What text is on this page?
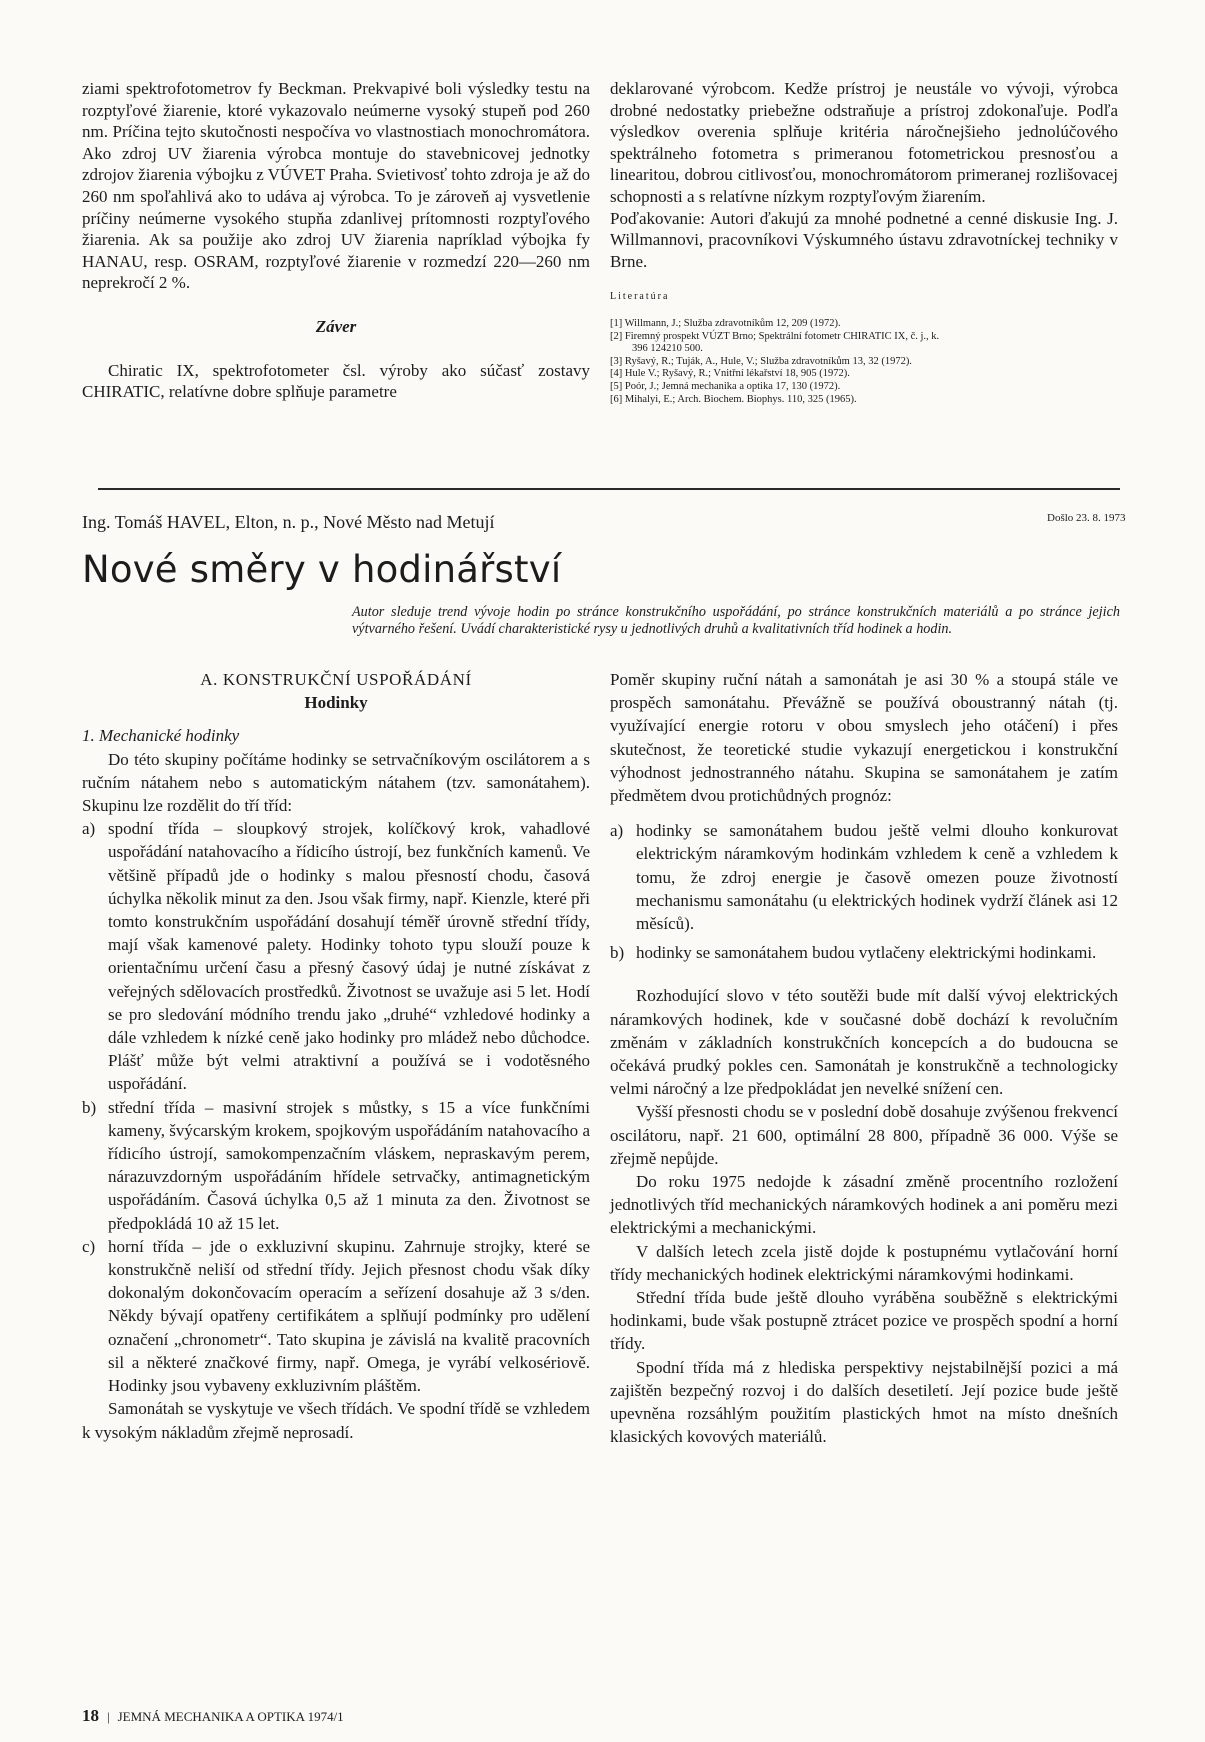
ziami spektrofotometrov fy Beckman. Prekvapivé boli výsledky testu na rozptyľové žiarenie, ktoré vykazovalo neúmerne vysoký stupeň pod 260 nm. Príčina tejto skutočnosti nespočíva vo vlastnostiach monochromátora. Ako zdroj UV žiarenia výrobca montuje do stavebnicovej jednotky zdrojov žiarenia výbojku z VÚVET Praha. Svietivosť tohto zdroja je až do 260 nm spoľahlivá ako to udáva aj výrobca. To je zároveň aj vysvetlenie príčiny neúmerne vysokého stupňa zdanlivej prítomnosti rozptyľového žiarenia. Ak sa použije ako zdroj UV žiarenia napríklad výbojka fy HANAU, resp. OSRAM, rozptyľové žiarenie v rozmedzí 220—260 nm neprekročí 2 %.

Záver

Chiratic IX, spektrofotometer čsl. výroby ako súčasť zostavy CHIRATIC, relatívne dobre splňuje parametre

deklarované výrobcom. Kedže prístroj je neustále vo vývoji, výrobca drobné nedostatky priebežne odstraňuje a prístroj zdokonaľuje. Podľa výsledkov overenia splňuje kritéria náročnejšieho jednolúčového spektrálneho fotometra s primeranou fotometrickou presnosťou a linearitou, dobrou citlivosťou, monochromátorom primeranej rozlišovacej schopnosti a s relatívne nízkym rozptyľovým žiarením.

Poďakovanie: Autori ďakujú za mnohé podnetné a cenné diskusie Ing. J. Willmannovi, pracovníkovi Výskumného ústavu zdravotníckej techniky v Brne.

Literatúra

[1] Willmann, J.; Služba zdravotníkům 12, 209 (1972).
[2] Firemný prospekt VÚZT Brno; Spektrální fotometr CHIRATIC IX, č. j., k.
396 124210 500.
[3] Ryšavý, R.; Tuják, A., Hule, V.; Služba zdravotníkům 13, 32 (1972).
[4] Hule V.; Ryšavý, R.; Vnitřní lékařství 18, 905 (1972).
[5] Poór, J.; Jemná mechanika a optika 17, 130 (1972).
[6] Mihalyi, E.; Arch. Biochem. Biophys. 110, 325 (1965).
Ing. Tomáš HAVEL, Elton, n. p., Nové Město nad Metují	Došlo 23. 8. 1973
Nové směry v hodinářství
Autor sleduje trend vývoje hodin po stránce konstrukčního uspořádání, po stránce konstrukčních materiálů a po stránce jejich výtvarného řešení. Uvádí charakteristické rysy u jednotlivých druhů a kvalitativních tříd hodinek a hodin.

A. KONSTRUKČNÍ USPOŘÁDÁNÍ

Hodinky

1. Mechanické hodinky

Do této skupiny počítáme hodinky se setrvačníkovým oscilátorem a s ručním nátahem nebo s automatickým nátahem (tzv. samonátahem). Skupinu lze rozdělit do tří tříd:

a) spodní třída – sloupkový strojek, kolíčkový krok, vahadlové uspořádání natahovacího a řídicího ústrojí, bez funkčních kamenů. Ve většině případů jde o hodinky s malou přesností chodu, časová úchylka několik minut za den. Jsou však firmy, např. Kienzle, které při tomto konstrukčním uspořádání dosahují téměř úrovně střední třídy, mají však kamenové palety. Hodinky tohoto typu slouží pouze k orientačnímu určení času a přesný časový údaj je nutné získávat z veřejných sdělovacích prostředků. Životnost se uvažuje asi 5 let. Hodí se pro sledování módního trendu jako „druhé“ vzhledové hodinky a dále vzhledem k nízké ceně jako hodinky pro mládež nebo důchodce. Plášť může být velmi atraktivní a používá se i vodotěsného uspořádání.
b) střední třída – masivní strojek s můstky, s 15 a více funkčními kameny, švýcarským krokem, spojkovým uspořádáním natahovacího a řídicího ústrojí, samokompenzačním vláskem, nepraskavým perem, nárazuvzdorným uspořádáním hřídele setrvačky, antimagnetickým uspořádáním. Časová úchylka 0,5 až 1 minuta za den. Životnost se předpokládá 10 až 15 let.
c) horní třída – jde o exkluzivní skupinu. Zahrnuje strojky, které se konstrukčně neliší od střední třídy. Jejich přesnost chodu však díky dokonalým dokončovacím operacím a seřízení dosahuje až 3 s/den. Někdy bývají opatřeny certifikátem a splňují podmínky pro udělení označení „chronometr“. Tato skupina je závislá na kvalitě pracovních sil a některé značkové firmy, např. Omega, je vyrábí velkosériově. Hodinky jsou vybaveny exkluzivním pláštěm.

Samonátah se vyskytuje ve všech třídách. Ve spodní třídě se vzhledem k vysokým nákladům zřejmě neprosadí.

Poměr skupiny ruční nátah a samonátah je asi 30 % a stoupá stále ve prospěch samonátahu. Převážně se používá oboustranný nátah (tj. využívající energie rotoru v obou smyslech jeho otáčení) i přes skutečnost, že teoretické studie vykazují energetickou i konstrukční výhodnost jednostranného nátahu. Skupina se samonátahem je zatím předmětem dvou protichůdných prognóz:

a) hodinky se samonátahem budou ještě velmi dlouho konkurovat elektrickým náramkovým hodinkám vzhledem k ceně a vzhledem k tomu, že zdroj energie je časově omezen pouze životností mechanismu samonátahu (u elektrických hodinek vydrží článek asi 12 měsíců).
b) hodinky se samonátahem budou vytlačeny elektrickými hodinkami.

Rozhodující slovo v této soutěži bude mít další vývoj elektrických náramkových hodinek, kde v současné době dochází k revolučním změnám v základních konstrukčních koncepcích a do budoucna se očekává prudký pokles cen. Samonátah je konstrukčně a technologicky velmi náročný a lze předpokládat jen nevelké snížení cen.

Vyšší přesnosti chodu se v poslední době dosahuje zvýšenou frekvencí oscilátoru, např. 21 600, optimální 28 800, případně 36 000. Výše se zřejmě nepůjde.

Do roku 1975 nedojde k zásadní změně procentního rozložení jednotlivých tříd mechanických náramkových hodinek a ani poměru mezi elektrickými a mechanickými.

V dalších letech zcela jistě dojde k postupnému vytlačování horní třídy mechanických hodinek elektrickými náramkovými hodinkami.

Střední třída bude ještě dlouho vyráběna souběžně s elektrickými hodinkami, bude však postupně ztrácet pozice ve prospěch spodní a horní třídy.

Spodní třída má z hlediska perspektivy nejstabilnější pozici a má zajištěn bezpečný rozvoj i do dalších desetiletí. Její pozice bude ještě upevněna rozsáhlým použitím plastických hmot na místo dnešních klasických kovových materiálů.

18 | JEMNÁ MECHANIKA A OPTIKA 1974/1
